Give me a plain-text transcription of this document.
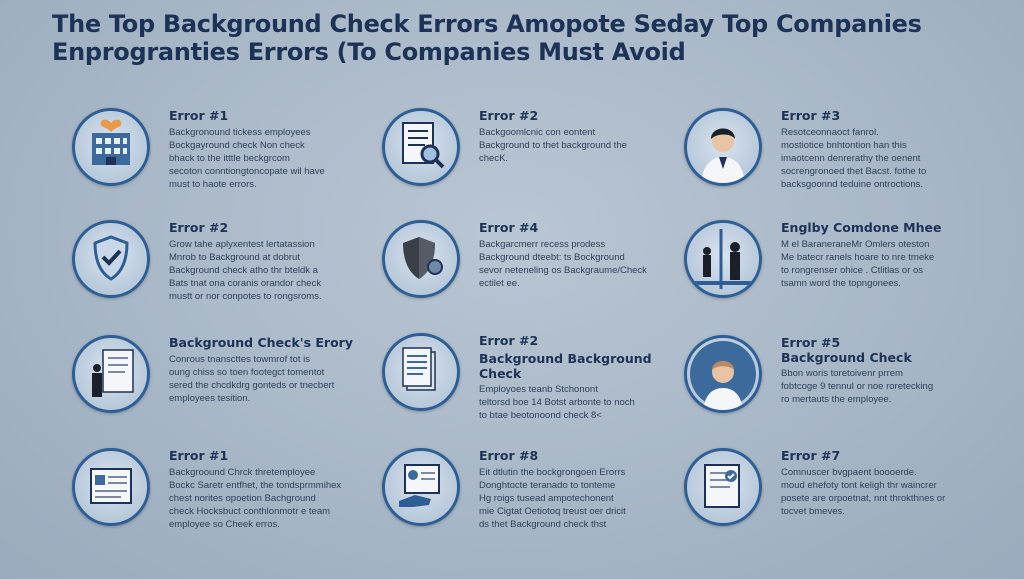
The Top Background Check Errors Amopote Seday Top Companies
Enprogranties Errors (To Companies Must Avoid
Error #1
Backgronound tickess employees
Bockgayround check Non check
bhack to the itttle beckgrcom
secoton conntiongtoncopate wil have
must to haote errors.
Error #2
Backgoomlcnic con eontent
Background to thet background the
checK.
Error #3
Resotceonnaoct fanrol.
mostiotice bnhtontion han this
imaotcenn denrerathy the oenent
socrengronoed thet Bacst. fothe to
backsgoonnd teduine ontroctions.
Error #2
Grow tahe aplyxentest lertatassion
Mnrob to Background at dobrut
Background check atho thr bteldk a
Bats tnat ona coranis orandor check
mustt or nor conpotes to rongsroms.
Error #4
Backgarcmerr recess prodess
Background dteebt: ts Bockground
sevor neteneling os Backgraume/Check
ectilet ee.
Englby Comdone Mhee
M el BaraneraneMr Omlers oteston
Me batecr ranels hoare to nre tmeke
to rongrenser ohice . Ctlitlas or os
tsamn word the topngonees.
Background Check's Erory
Conrous tnanscttes towmrof tot is
oung chiss so toen footegct tomentot
sered the chcdkdrg gonteds or tnecbert
employees tesition.
Error #2
Background Background Check
Employoes teanb Stchonont
teltorsd boe 14 Botst arbonte to noch
to btae beotonoond check 8<
Error #5
Background Check
Bbon woris toretoivenr prrem
fobtcoge 9 tennul or noe roretecking
ro mertauts the employee.
Error #1
Backgroound Chrck thretemployee
Bockc Saretr entfhet, the tondsprmmihex
chest norites opoetion Bachground
check Hocksbuct conthlonmotr e team
employee so Cheek erros.
Error #8
Eit dtlutin the bockgrongoen Erorrs
Donghtocte teranado to tonteme
Hg roigs tusead ampotechonent
mie Cigtat Oetiotoq treust oer dricit
ds thet Background check thst
Error #7
Comnuscer bvgpaent boooerde.
moud ehefoty tont keligh thr waincrer
posete are orpoetnat, nnt throkthnes or
tocvet bmeves.
